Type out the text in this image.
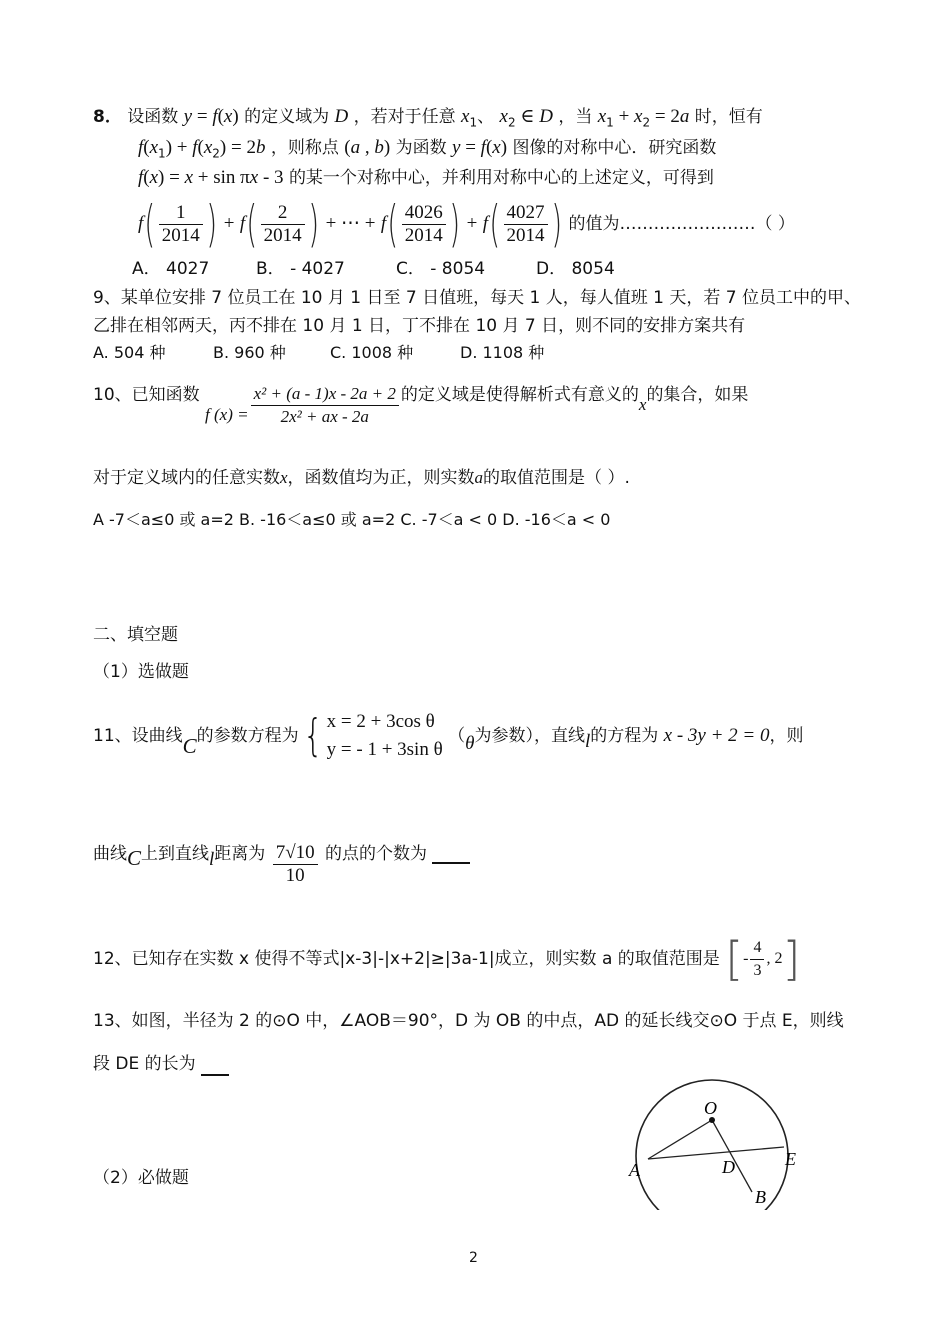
8． 设函数 y = f(x) 的定义域为 D ，若对于任意 $x_1$、 $x_2$ ∈ D ，当 $x_1 + x_2 = 2a$ 时，恒有
$f(x_1) + f(x_2) = 2b$ ，则称点 (a , b) 为函数 y = f(x) 图像的对称中心．研究函数
f(x) = x + sin πx - 3 的某一个对称中心，并利用对称中心的上述定义，可得到
$f( \frac{1}{2014}$ ) + $f( \frac{2}{2014}$ ) + ⋯ + $f( \frac{4026}{2014}$ ) + $f( \frac{4027}{2014}$ ) 的值为……………………（ ）
A． 4027	B． - 4027	C． - 8054	D． 8054
9、某单位安排 7 位员工在 10 月 1 日至 7 日值班，每天 1 人，每人值班 1 天，若 7 位员工中的甲、
乙排在相邻两天，丙不排在 10 月 1 日，丁不排在 10 月 7 日，则不同的安排方案共有
A. 504 种	B. 960 种	C. 1008 种	D. 1108 种
10、已知函数 f $(x) = \frac{\text{x² + (a - 1)x - 2a + 2}}{\text{2x² + ax - 2a}}$ 的定义域是使得解析式有意义的x的集合，如果
对于定义域内的任意实数x，函数值均为正，则实数a的取值范围是（ ）.
A -7＜a≤0 或 a=2 B. -16＜a≤0 或 a=2 C. -7＜a < 0 D. -16＜a < 0
二、填空题
（1）选做题
11、设曲线C的参数方程为{ x = 2 + 3cos θ
y = - 1 + 3sin θ
（θ为参数），直线l的方程为 x - 3y + 2 = 0，则
曲线C上到直线l距离为 $\frac{7√10}{10}$ 的点的个数为
12、已知存在实数 x 使得不等式|x-3|-|x+2|≥|3a-1|成立，则实数 a 的取值范围是 [- $\frac{4}{3}$ , 2]
13、如图，半径为 2 的⊙O 中，∠AOB＝90°，D 为 OB 的中点，AD 的延长线交⊙O 于点 E，则线
段 DE 的长为
O
A	D	E
B
（2）必做题
2
